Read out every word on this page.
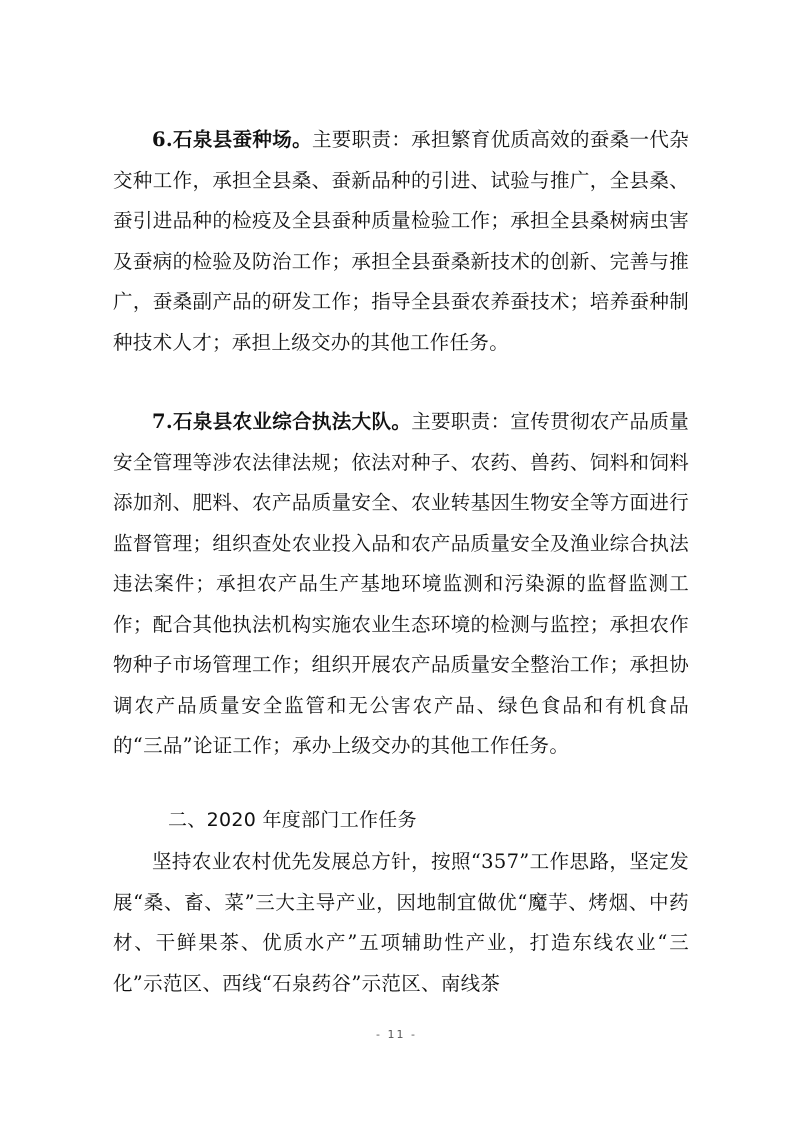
6.石泉县蚕种场。主要职责：承担繁育优质高效的蚕桑一代杂交种工作，承担全县桑、蚕新品种的引进、试验与推广，全县桑、蚕引进品种的检疫及全县蚕种质量检验工作；承担全县桑树病虫害及蚕病的检验及防治工作；承担全县蚕桑新技术的创新、完善与推广，蚕桑副产品的研发工作；指导全县蚕农养蚕技术；培养蚕种制种技术人才；承担上级交办的其他工作任务。

7.石泉县农业综合执法大队。主要职责：宣传贯彻农产品质量安全管理等涉农法律法规；依法对种子、农药、兽药、饲料和饲料添加剂、肥料、农产品质量安全、农业转基因生物安全等方面进行监督管理；组织查处农业投入品和农产品质量安全及渔业综合执法违法案件；承担农产品生产基地环境监测和污染源的监督监测工作；配合其他执法机构实施农业生态环境的检测与监控；承担农作物种子市场管理工作；组织开展农产品质量安全整治工作；承担协调农产品质量安全监管和无公害农产品、绿色食品和有机食品的“三品”论证工作；承办上级交办的其他工作任务。

二、2020 年度部门工作任务

坚持农业农村优先发展总方针，按照“357”工作思路，坚定发展“桑、畜、菜”三大主导产业，因地制宜做优“魔芋、烤烟、中药材、干鲜果茶、优质水产”五项辅助性产业，打造东线农业“三化”示范区、西线“石泉药谷”示范区、南线茶

- 11 -
